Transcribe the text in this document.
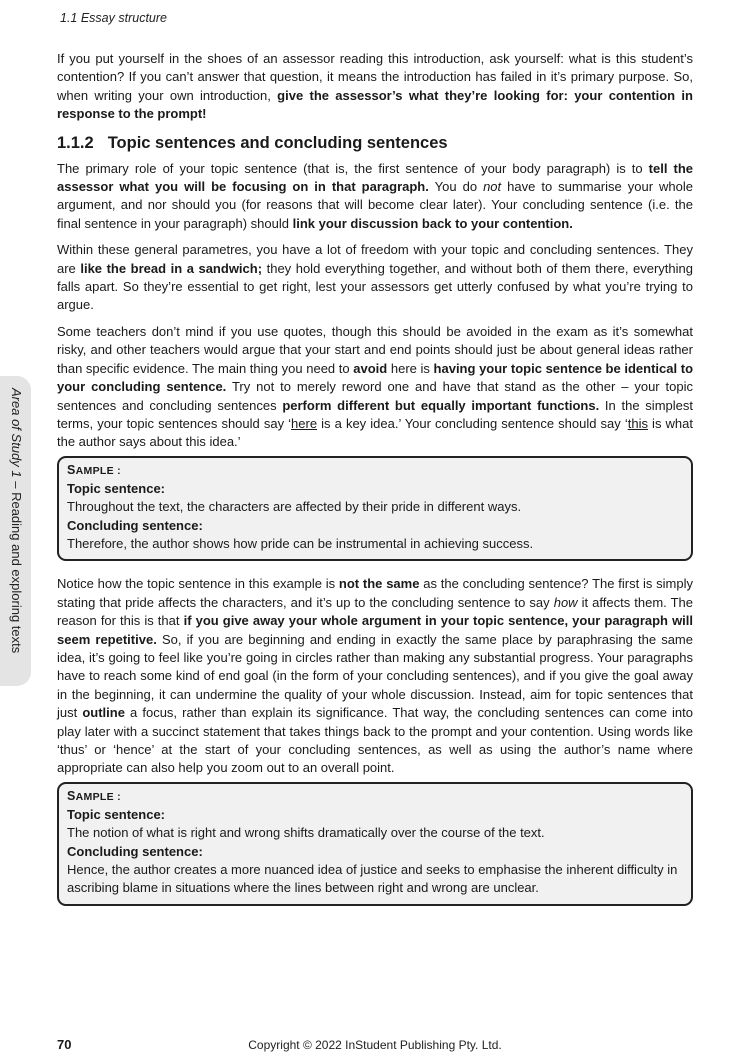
1.1 Essay structure
Area of Study 1 – Reading and exploring texts

If you put yourself in the shoes of an assessor reading this introduction, ask yourself: what is this student’s contention? If you can’t answer that question, it means the introduction has failed in it’s primary purpose. So, when writing your own introduction, give the assessor’s what they’re looking for: your contention in response to the prompt!

1.1.2 Topic sentences and concluding sentences

The primary role of your topic sentence (that is, the first sentence of your body paragraph) is to tell the assessor what you will be focusing on in that paragraph. You do not have to summarise your whole argument, and nor should you (for reasons that will become clear later). Your concluding sentence (i.e. the final sentence in your paragraph) should link your discussion back to your contention.

Within these general parametres, you have a lot of freedom with your topic and concluding sentences. They are like the bread in a sandwich; they hold everything together, and without both of them there, everything falls apart. So they’re essential to get right, lest your assessors get utterly confused by what you’re trying to argue.

Some teachers don’t mind if you use quotes, though this should be avoided in the exam as it’s somewhat risky, and other teachers would argue that your start and end points should just be about general ideas rather than specific evidence. The main thing you need to avoid here is having your topic sentence be identical to your concluding sentence. Try not to merely reword one and have that stand as the other – your topic sentences and concluding sentences perform different but equally important functions. In the simplest terms, your topic sentences should say ‘here is a key idea.’ Your concluding sentence should say ‘this is what the author says about this idea.’

SAMPLE :
Topic sentence:
Throughout the text, the characters are affected by their pride in different ways.
Concluding sentence:
Therefore, the author shows how pride can be instrumental in achieving success.

Notice how the topic sentence in this example is not the same as the concluding sentence? The first is simply stating that pride affects the characters, and it’s up to the concluding sentence to say how it affects them. The reason for this is that if you give away your whole argument in your topic sentence, your paragraph will seem repetitive. So, if you are beginning and ending in exactly the same place by paraphrasing the same idea, it’s going to feel like you’re going in circles rather than making any substantial progress. Your paragraphs have to reach some kind of end goal (in the form of your concluding sentences), and if you give the goal away in the beginning, it can undermine the quality of your whole discussion. Instead, aim for topic sentences that just outline a focus, rather than explain its significance. That way, the concluding sentences can come into play later with a succinct statement that takes things back to the prompt and your contention. Using words like ‘thus’ or ‘hence’ at the start of your concluding sentences, as well as using the author’s name where appropriate can also help you zoom out to an overall point.

SAMPLE :
Topic sentence:
The notion of what is right and wrong shifts dramatically over the course of the text.
Concluding sentence:
Hence, the author creates a more nuanced idea of justice and seeks to emphasise the inherent difficulty in ascribing blame in situations where the lines between right and wrong are unclear.
70	Copyright © 2022 InStudent Publishing Pty. Ltd.
